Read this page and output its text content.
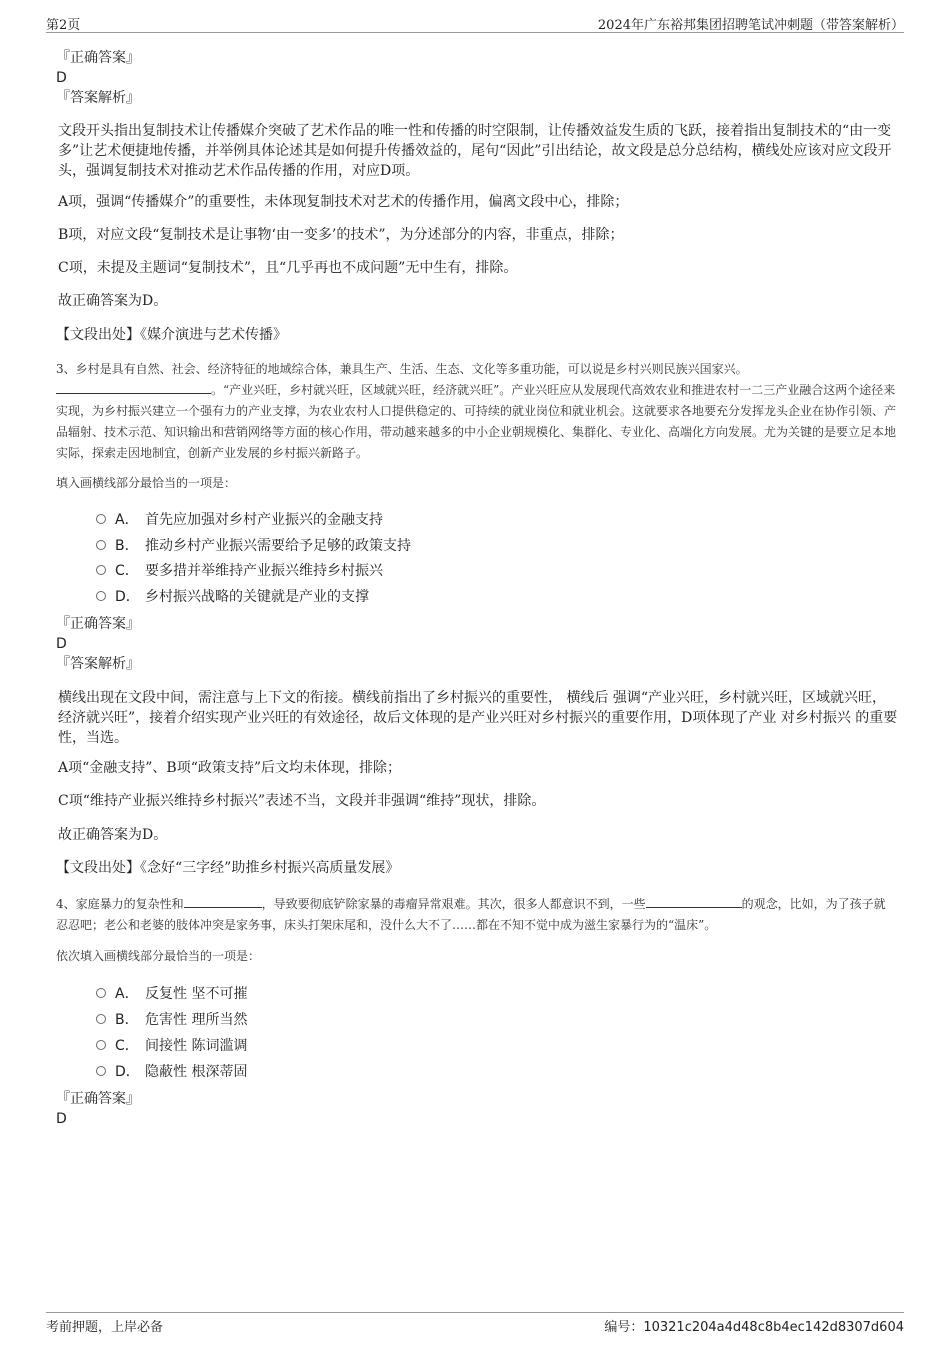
第2页	2024年广东裕邦集团招聘笔试冲刺题（带答案解析）
『正确答案』
D
『答案解析』
文段开头指出复制技术让传播媒介突破了艺术作品的唯一性和传播的时空限制，让传播效益发生质的飞跃，接着指出复制技术的“由一变多”让艺术便捷地传播，并举例具体论述其是如何提升传播效益的，尾句“因此”引出结论，故文段是总分总结构，横线处应该对应文段开头，强调复制技术对推动艺术作品传播的作用，对应D项。
A项，强调“传播媒介”的重要性，未体现复制技术对艺术的传播作用，偏离文段中心，排除；
B项，对应文段“复制技术是让事物‘由一变多’的技术”，为分述部分的内容，非重点，排除；
C项，未提及主题词“复制技术”，且“几乎再也不成问题”无中生有，排除。
故正确答案为D。
【文段出处】《媒介演进与艺术传播》
3、乡村是具有自然、社会、经济特征的地域综合体，兼具生产、生活、生态、文化等多重功能，可以说是乡村兴则民族兴国家兴。
。“产业兴旺，乡村就兴旺，区域就兴旺，经济就兴旺”。产业兴旺应从发展现代高效农业和推进农村一二三产业融合这两个途径来实现，为乡村振兴建立一个强有力的产业支撑，为农业农村人口提供稳定的、可持续的就业岗位和就业机会。这就要求各地要充分发挥龙头企业在协作引领、产品辐射、技术示范、知识输出和营销网络等方面的核心作用，带动越来越多的中小企业朝规模化、集群化、专业化、高端化方向发展。尤为关键的是要立足本地实际，探索走因地制宜，创新产业发展的乡村振兴新路子。
填入画横线部分最恰当的一项是：
A． 首先应加强对乡村产业振兴的金融支持
B． 推动乡村产业振兴需要给予足够的政策支持
C． 要多措并举维持产业振兴维持乡村振兴
D． 乡村振兴战略的关键就是产业的支撑
『正确答案』
D
『答案解析』
横线出现在文段中间，需注意与上下文的衔接。横线前指出了乡村振兴的重要性， 横线后 强调“产业兴旺，乡村就兴旺，区域就兴旺，经济就兴旺”，接着介绍实现产业兴旺的有效途径，故后文体现的是产业兴旺对乡村振兴的重要作用，D项体现了产业 对乡村振兴 的重要性，当选。
A项“金融支持”、B项“政策支持”后文均未体现，排除；
C项“维持产业振兴维持乡村振兴”表述不当，文段并非强调“维持”现状，排除。
故正确答案为D。
【文段出处】《念好“三字经”助推乡村振兴高质量发展》
4、家庭暴力的复杂性和	，导致要彻底铲除家暴的毒瘤异常艰难。其次，很多人都意识不到，一些	的观念，比如，为了孩子就忍忍吧；老公和老婆的肢体冲突是家务事，床头打架床尾和，没什么大不了……都在不知不觉中成为滋生家暴行为的“温床”。
依次填入画横线部分最恰当的一项是：
A． 反复性 坚不可摧
B． 危害性 理所当然
C． 间接性 陈词滥调
D． 隐蔽性 根深蒂固
『正确答案』
D
考前押题，上岸必备	编号：10321c204a4d48c8b4ec142d8307d604
